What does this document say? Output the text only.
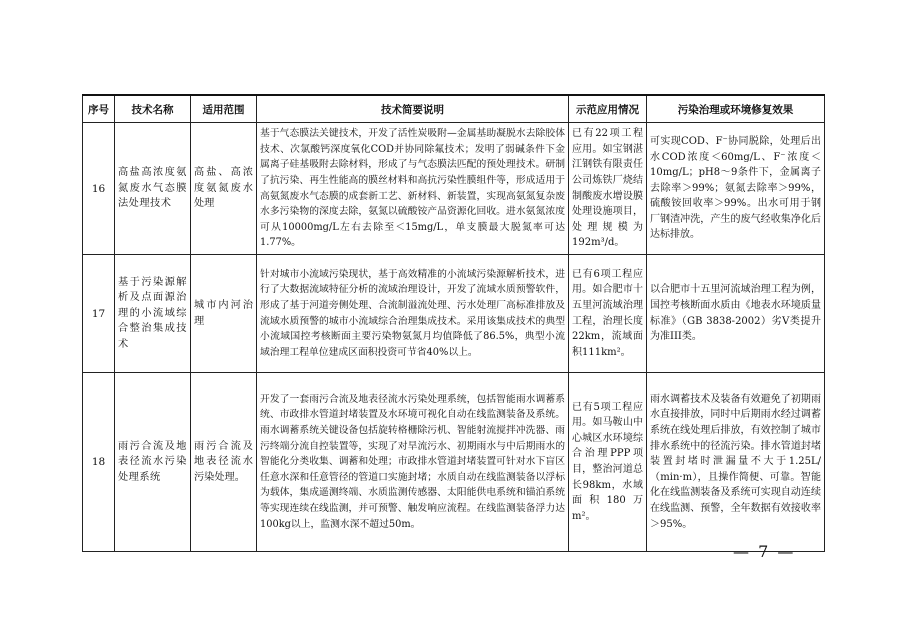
序号	技术名称	适用范围	技术简要说明	示范应用情况	污染治理或环境修复效果
16	高盐高浓度氨氮废水气态膜法处理技术	高盐、高浓度氨氮废水处理	基于气态膜法关键技术，开发了活性炭吸附—金属基助凝脱水去除胶体技术、次氯酸钙深度氧化COD并协同除氟技术；发明了弱碱条件下金属离子硅基吸附去除材料，形成了与气态膜法匹配的预处理技术。研制了抗污染、再生性能高的膜丝材料和高抗污染性膜组件等，形成适用于高氨氮废水气态膜的成套新工艺、新材料、新装置，实现高氨氮复杂废水多污染物的深度去除，氨氮以硫酸铵产品资源化回收。进水氨氮浓度可从10000mg/L左右去除至＜15mg/L，单支膜最大脱氮率可达1.77%。	已有22项工程应用。如宝钢湛江钢铁有限责任公司炼铁厂烧结制酸废水增设膜处理设施项目，处理规模为192m³/d。	可实现COD、F⁻协同脱除，处理后出水COD浓度＜60mg/L、F⁻浓度＜10mg/L；pH8～9条件下，金属离子去除率＞99%；氨氮去除率＞99%，硫酸铵回收率＞99%。出水可用于钢厂钢渣冲洗，产生的废气经收集净化后达标排放。
17	基于污染源解析及点面源治理的小流域综合整治集成技术	城市内河治理	针对城市小流域污染现状，基于高效精准的小流域污染源解析技术，进行了大数据流域特征分析的流域治理设计，开发了流域水质预警软件，形成了基于河道旁侧处理、合流制溢流处理、污水处理厂高标准排放及流域水质预警的城市小流域综合治理集成技术。采用该集成技术的典型小流域国控考核断面主要污染物氨氮月均值降低了86.5%，典型小流域治理工程单位建成区面积投资可节省40%以上。	已有6项工程应用。如合肥市十五里河流域治理工程，治理长度22km，流域面积111km²。	以合肥市十五里河流域治理工程为例，国控考核断面水质由《地表水环境质量标准》（GB 3838-2002）劣V类提升为准III类。
18	雨污合流及地表径流水污染处理系统	雨污合流及地表径流水污染处理。	开发了一套雨污合流及地表径流水污染处理系统，包括智能雨水调蓄系统、市政排水管道封堵装置及水环境可视化自动在线监测装备及系统。雨水调蓄系统关键设备包括旋转格栅除污机、智能射流搅拌冲洗器、雨污终端分流自控装置等，实现了对旱流污水、初期雨水与中后期雨水的智能化分类收集、调蓄和处理；市政排水管道封堵装置可针对水下盲区任意水深和任意管径的管道口实施封堵；水质自动在线监测装备以浮标为载体，集成遥测终端、水质监测传感器、太阳能供电系统和锚泊系统等实现连续在线监测，并可预警、触发响应流程。在线监测装备浮力达100kg以上，监测水深不超过50m。	已有5项工程应用。如马鞍山中心城区水环境综合治理PPP项目，整治河道总长98km，水域面积180万m²。	雨水调蓄技术及装备有效避免了初期雨水直接排放，同时中后期雨水经过调蓄系统在线处理后排放，有效控制了城市排水系统中的径流污染。排水管道封堵装置封堵时泄漏量不大于1.25L/（min·m），且操作简便、可靠。智能化在线监测装备及系统可实现自动连续在线监测、预警，全年数据有效接收率＞95%。
— 7 —
